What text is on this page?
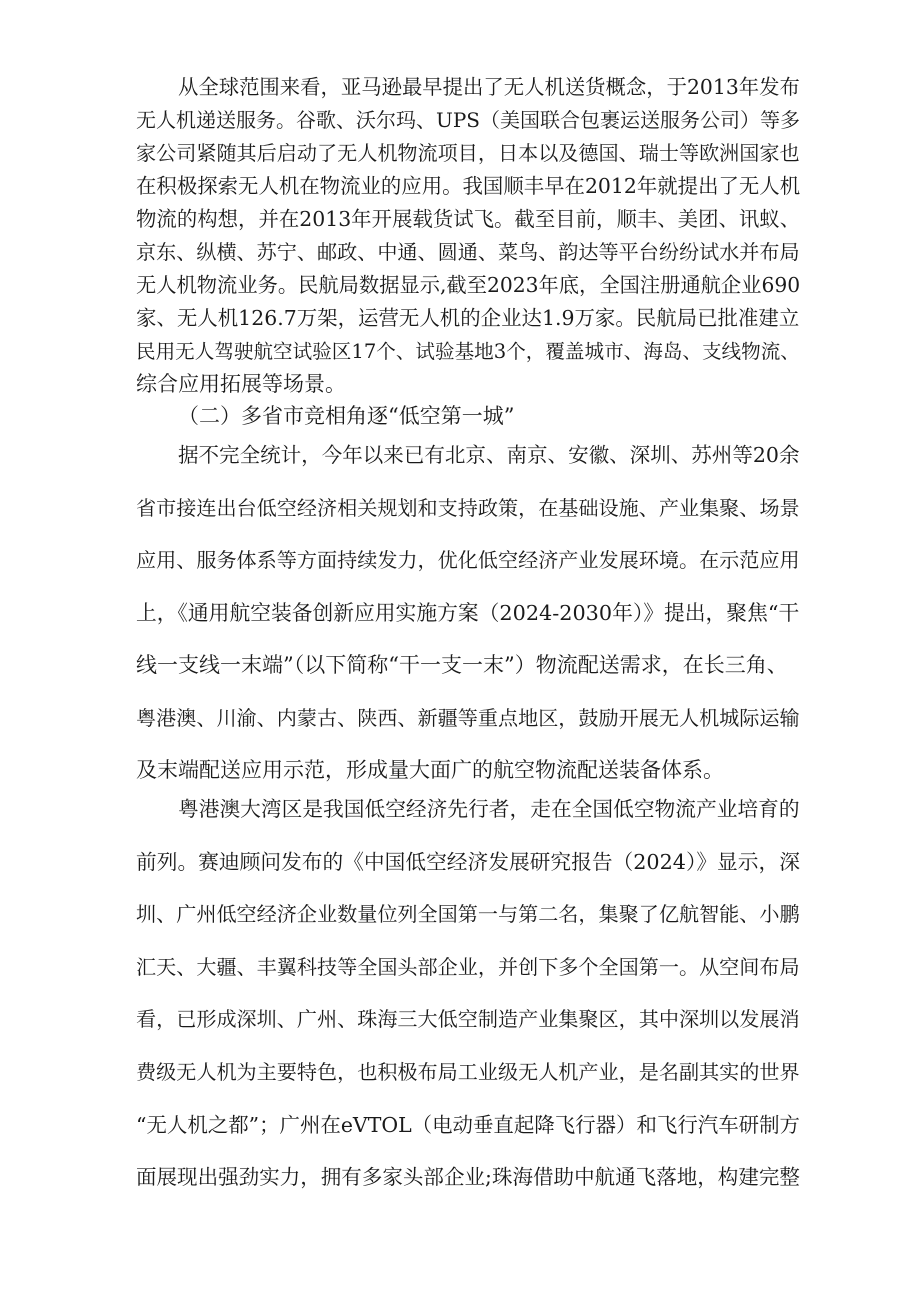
从全球范围来看，亚马逊最早提出了无人机送货概念，于2013年发布
无人机递送服务。谷歌、沃尔玛、UPS（美国联合包裹运送服务公司）等多
家公司紧随其后启动了无人机物流项目，日本以及德国、瑞士等欧洲国家也
在积极探索无人机在物流业的应用。我国顺丰早在2012年就提出了无人机
物流的构想，并在2013年开展载货试飞。截至目前，顺丰、美团、讯蚁、
京东、纵横、苏宁、邮政、中通、圆通、菜鸟、韵达等平台纷纷试水并布局
无人机物流业务。民航局数据显示,截至2023年底，全国注册通航企业690
家、无人机126.7万架，运营无人机的企业达1.9万家。民航局已批准建立
民用无人驾驶航空试验区17个、试验基地3个，覆盖城市、海岛、支线物流、
综合应用拓展等场景。

（二）多省市竞相角逐“低空第一城”

据不完全统计，今年以来已有北京、南京、安徽、深圳、苏州等20余
省市接连出台低空经济相关规划和支持政策，在基础设施、产业集聚、场景
应用、服务体系等方面持续发力，优化低空经济产业发展环境。在示范应用
上，《通用航空装备创新应用实施方案（2024-2030年）》提出，聚焦“干
线一支线一末端”（以下简称“干一支一末”）物流配送需求，在长三角、
粤港澳、川渝、内蒙古、陕西、新疆等重点地区，鼓励开展无人机城际运输
及末端配送应用示范，形成量大面广的航空物流配送装备体系。

粤港澳大湾区是我国低空经济先行者，走在全国低空物流产业培育的
前列。赛迪顾问发布的《中国低空经济发展研究报告（2024）》显示，深
圳、广州低空经济企业数量位列全国第一与第二名，集聚了亿航智能、小鹏
汇天、大疆、丰翼科技等全国头部企业，并创下多个全国第一。从空间布局
看，已形成深圳、广州、珠海三大低空制造产业集聚区，其中深圳以发展消
费级无人机为主要特色，也积极布局工业级无人机产业，是名副其实的世界
“无人机之都”；广州在eVTOL（电动垂直起降飞行器）和飞行汽车研制方
面展现出强劲实力，拥有多家头部企业;珠海借助中航通飞落地，构建完整
